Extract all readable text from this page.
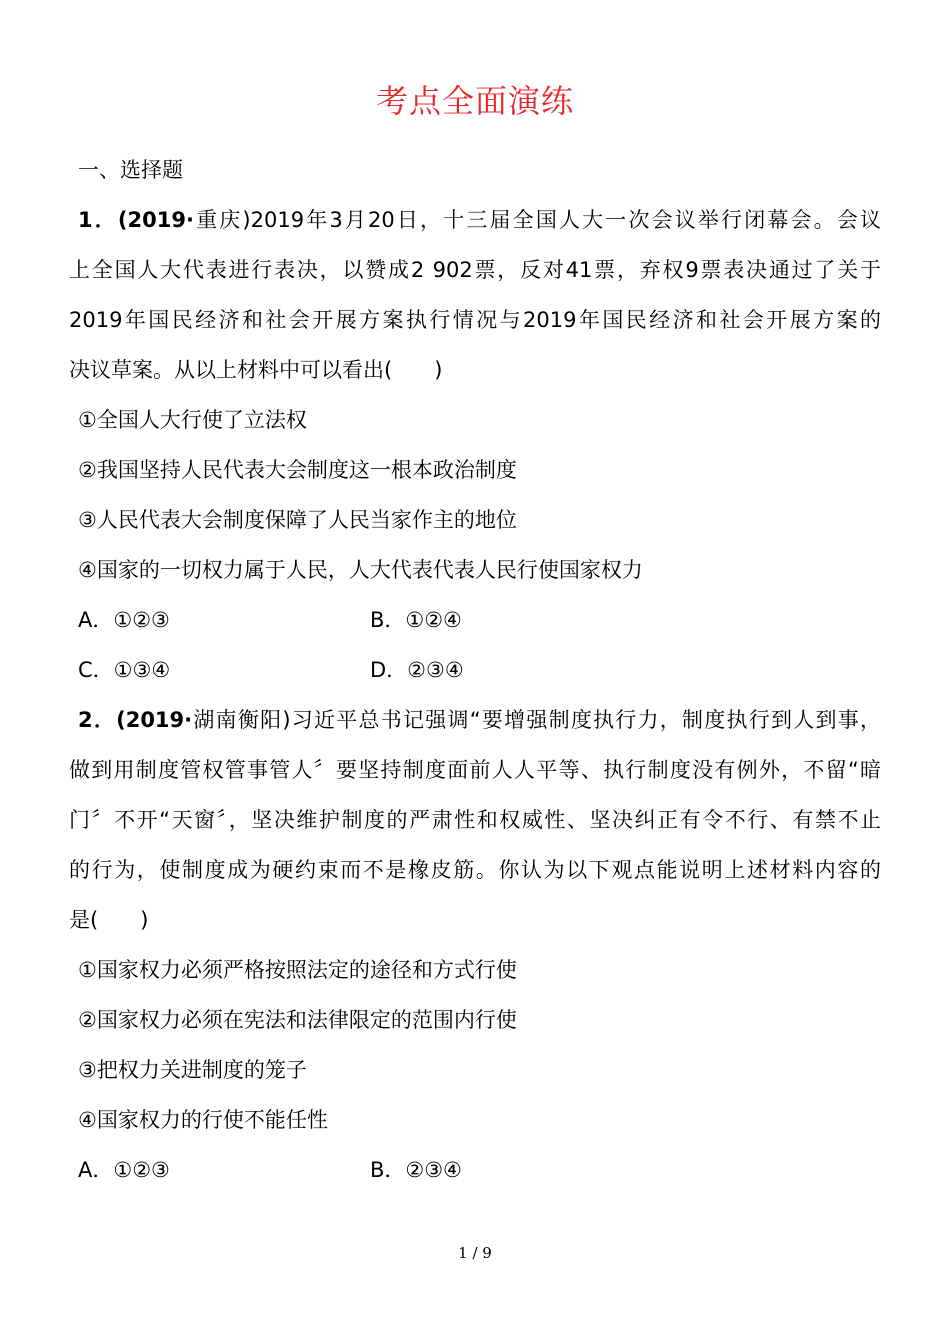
考点全面演练
一、选择题
1．(2019·重庆)2019年3月20日，十三届全国人大一次会议举行闭幕会。会议
上全国人大代表进行表决，以赞成2 902票，反对41票，弃权9票表决通过了关于
2019年国民经济和社会开展方案执行情况与2019年国民经济和社会开展方案的
决议草案。从以上材料中可以看出(　　)
①全国人大行使了立法权
②我国坚持人民代表大会制度这一根本政治制度
③人民代表大会制度保障了人民当家作主的地位
④国家的一切权力属于人民，人大代表代表人民行使国家权力
A．①②③	B．①②④
C．①③④	D．②③④
2．(2019·湖南衡阳)习近平总书记强调“要增强制度执行力，制度执行到人到事，
做到用制度管权管事管人〞要坚持制度面前人人平等、执行制度没有例外，不留“暗
门〞不开“天窗〞，坚决维护制度的严肃性和权威性、坚决纠正有令不行、有禁不止
的行为，使制度成为硬约束而不是橡皮筋。你认为以下观点能说明上述材料内容的
是(　　)
①国家权力必须严格按照法定的途径和方式行使
②国家权力必须在宪法和法律限定的范围内行使
③把权力关进制度的笼子
④国家权力的行使不能任性
A．①②③	B．②③④
1 / 9
